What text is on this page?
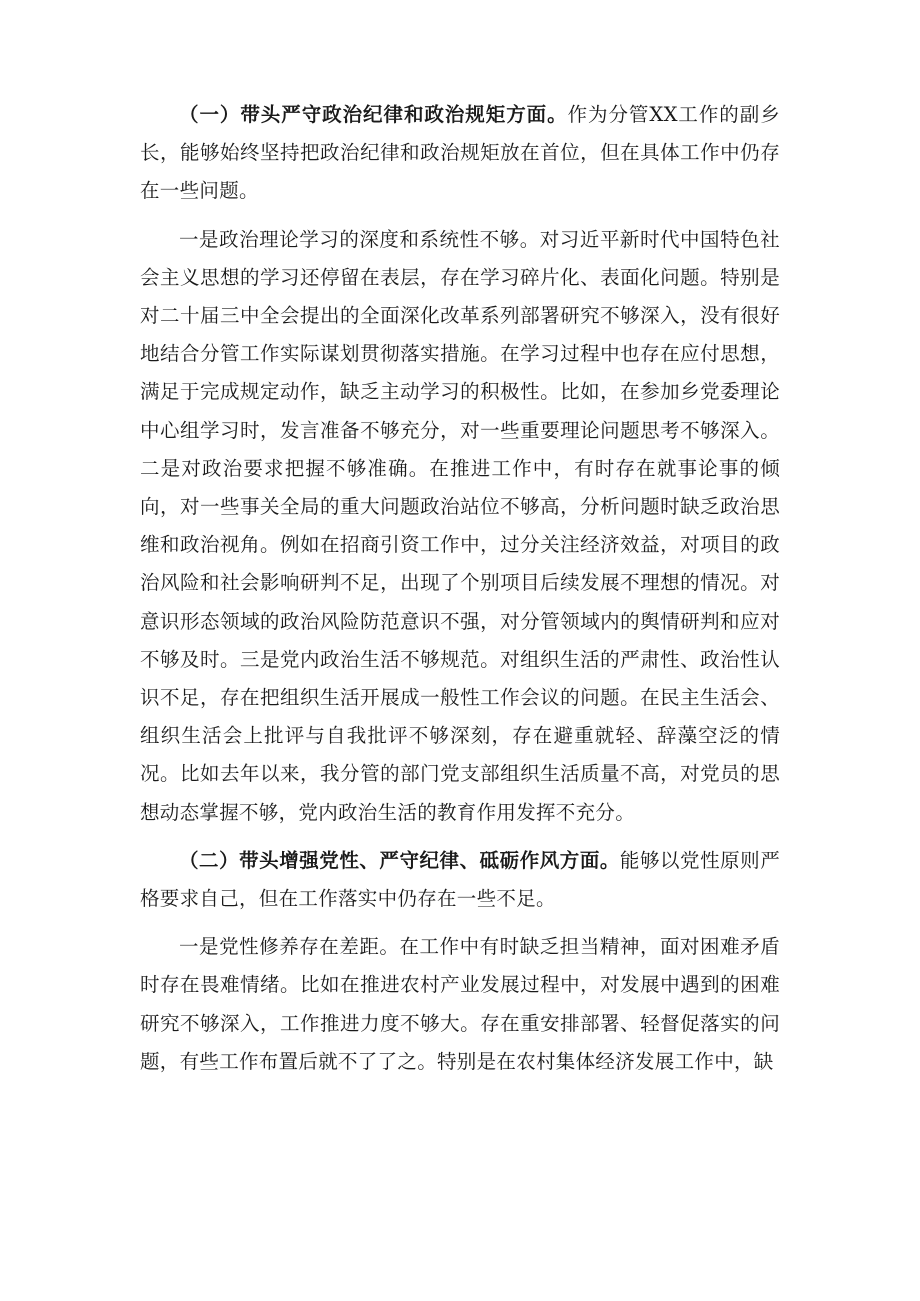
（一）带头严守政治纪律和政治规矩方面。作为分管XX工作的副乡长，能够始终坚持把政治纪律和政治规矩放在首位，但在具体工作中仍存在一些问题。

一是政治理论学习的深度和系统性不够。对习近平新时代中国特色社会主义思想的学习还停留在表层，存在学习碎片化、表面化问题。特别是对二十届三中全会提出的全面深化改革系列部署研究不够深入，没有很好地结合分管工作实际谋划贯彻落实措施。在学习过程中也存在应付思想，满足于完成规定动作，缺乏主动学习的积极性。比如，在参加乡党委理论中心组学习时，发言准备不够充分，对一些重要理论问题思考不够深入。二是对政治要求把握不够准确。在推进工作中，有时存在就事论事的倾向，对一些事关全局的重大问题政治站位不够高，分析问题时缺乏政治思维和政治视角。例如在招商引资工作中，过分关注经济效益，对项目的政治风险和社会影响研判不足，出现了个别项目后续发展不理想的情况。对意识形态领域的政治风险防范意识不强，对分管领域内的舆情研判和应对不够及时。三是党内政治生活不够规范。对组织生活的严肃性、政治性认识不足，存在把组织生活开展成一般性工作会议的问题。在民主生活会、组织生活会上批评与自我批评不够深刻，存在避重就轻、辞藻空泛的情况。比如去年以来，我分管的部门党支部组织生活质量不高，对党员的思想动态掌握不够，党内政治生活的教育作用发挥不充分。

（二）带头增强党性、严守纪律、砥砺作风方面。能够以党性原则严格要求自己，但在工作落实中仍存在一些不足。

一是党性修养存在差距。在工作中有时缺乏担当精神，面对困难矛盾时存在畏难情绪。比如在推进农村产业发展过程中，对发展中遇到的困难研究不够深入，工作推进力度不够大。存在重安排部署、轻督促落实的问题，有些工作布置后就不了了之。特别是在农村集体经济发展工作中，缺
